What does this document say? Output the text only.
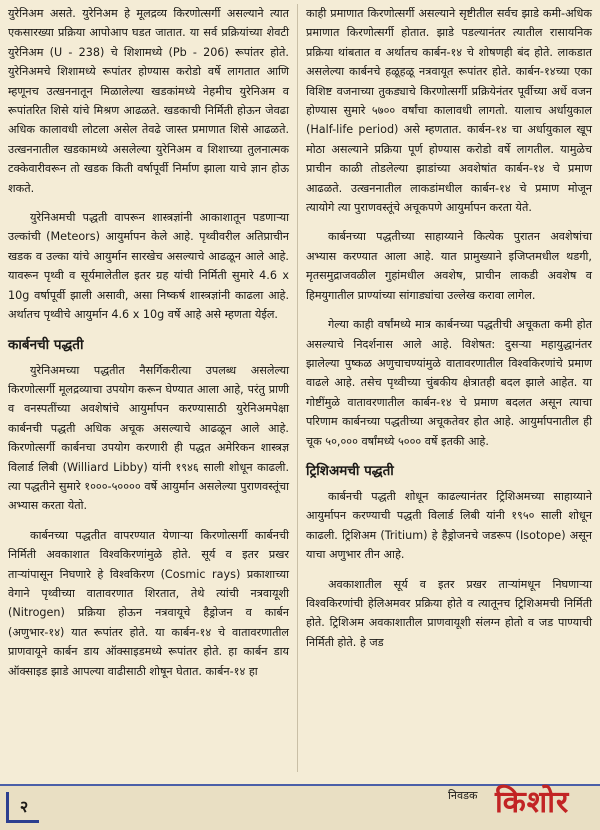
युरेनिअम असते. युरेनिअम हे मूलद्रव्य किरणोत्सर्गी असल्याने त्यात एकसारख्या प्रक्रिया आपोआप घडत जातात. या सर्व प्रक्रियांच्या शेवटी युरेनिअम (U - 238) चे शिशामध्ये (Pb - 206) रूपांतर होते. युरेनिअमचे शिशामध्ये रूपांतर होण्यास करोडो वर्षे लागतात आणि म्हणूनच उत्खननातून मिळालेल्या खडकांमध्ये नेहमीच युरेनिअम व रूपांतरित शिसे यांचे मिश्रण आढळते. खडकाची निर्मिती होऊन जेवढा अधिक कालावधी लोटला असेल तेवढे जास्त प्रमाणात शिसे आढळते. उत्खननातील खडकामध्ये असलेल्या युरेनिअम व शिशाच्या तुलनात्मक टक्केवारीवरून तो खडक किती वर्षापूर्वी निर्माण झाला याचे ज्ञान होऊ शकते.

युरेनिअमची पद्धती वापरून शास्त्रज्ञांनी आकाशातून पडणाऱ्या उल्कांची (Meteors) आयुर्मापन केले आहे. पृथ्वीवरील अतिप्राचीन खडक व उल्का यांचे आयुर्मान सारखेच असल्याचे आढळून आले आहे. यावरून पृथ्वी व सूर्यमालेतील इतर ग्रह यांची निर्मिती सुमारे 4.6 x 10g वर्षापूर्वी झाली असावी, असा निष्कर्ष शास्त्रज्ञांनी काढला आहे. अर्थातच पृथ्वीचे आयुर्मान 4.6 x 10g वर्षे आहे असे म्हणता येईल.

कार्बनची पद्धती

युरेनिअमच्या पद्धतीत नैसर्गिकरीत्या उपलब्ध असलेल्या किरणोत्सर्गी मूलद्रव्याचा उपयोग करून घेण्यात आला आहे, परंतु प्राणी व वनस्पतींच्या अवशेषांचे आयुर्मापन करण्यासाठी युरेनिअमपेक्षा कार्बनची पद्धती अधिक अचूक असल्याचे आढळून आले आहे. किरणोत्सर्गी कार्बनचा उपयोग करणारी ही पद्धत अमेरिकन शास्त्रज्ञ विलार्ड लिबी (Williard Libby) यांनी १९४६ साली शोधून काढली. त्या पद्धतीने सुमारे १०००-५०००० वर्षे आयुर्मान असलेल्या पुराणवस्तूंचा अभ्यास करता येतो.

कार्बनच्या पद्धतीत वापरण्यात येणाऱ्या किरणोत्सर्गी कार्बनची निर्मिती अवकाशात विश्वकिरणांमुळे होते. सूर्य व इतर प्रखर ताऱ्यांपासून निघणारे हे विश्वकिरण (Cosmic rays) प्रकाशाच्या वेगाने पृथ्वीच्या वातावरणात शिरतात, तेथे त्यांची नत्रवायूशी (Nitrogen) प्रक्रिया होऊन नत्रवायूचे हैड्रोजन व कार्बन (अणुभार-१४) यात रूपांतर होते. या कार्बन-१४ चे वातावरणातील प्राणवायूने कार्बन डाय ऑक्साइडमध्ये रूपांतर होते. हा कार्बन डाय ऑक्साइड झाडे आपल्या वाढीसाठी शोषून घेतात. कार्बन-१४ हा

काही प्रमाणात किरणोत्सर्गी असल्याने सृष्टीतील सर्वच झाडे कमी-अधिक प्रमाणात किरणोत्सर्गी होतात. झाडे पडल्यानंतर त्यातील रासायनिक प्रक्रिया थांबतात व अर्थातच कार्बन-१४ चे शोषणही बंद होते. लाकडात असलेल्या कार्बनचे हळूहळू नत्रवायूत रूपांतर होते. कार्बन-१४च्या एका विशिष्ट वजनाच्या तुकड्याचे किरणोत्सर्गी प्रक्रियेनंतर पूर्वीच्या अर्धे वजन होण्यास सुमारे ५७०० वर्षांचा कालावधी लागतो. यालाच अर्धायुकाल (Half-life period) असे म्हणतात. कार्बन-१४ चा अर्धायुकाल खूप मोठा असल्याने प्रक्रिया पूर्ण होण्यास करोडो वर्षे लागतील. यामुळेच प्राचीन काळी तोडलेल्या झाडांच्या अवशेषांत कार्बन-१४ चे प्रमाण आढळते. उत्खननातील लाकडांमधील कार्बन-१४ चे प्रमाण मोजून त्यायोगे त्या पुराणवस्तूंचे अचूकपणे आयुर्मापन करता येते.

कार्बनच्या पद्धतीच्या साहाय्याने कित्येक पुरातन अवशेषांचा अभ्यास करण्यात आला आहे. यात प्रामुख्याने इजिप्तमधील थडगी, मृतसमुद्राजवळील गुहांमधील अवशेष, प्राचीन लाकडी अवशेष व हिमयुगातील प्राण्यांच्या सांगाड्यांचा उल्लेख करावा लागेल.

गेल्या काही वर्षांमध्ये मात्र कार्बनच्या पद्धतीची अचूकता कमी होत असल्याचे निदर्शनास आले आहे. विशेषत: दुसऱ्या महायुद्धानंतर झालेल्या पुष्कळ अणुचाचण्यांमुळे वातावरणातील विश्वकिरणांचे प्रमाण वाढले आहे. तसेच पृथ्वीच्या चुंबकीय क्षेत्रातही बदल झाले आहेत. या गोष्टींमुळे वातावरणातील कार्बन-१४ चे प्रमाण बदलत असून त्याचा परिणाम कार्बनच्या पद्धतीच्या अचूकतेवर होत आहे. आयुर्मापनातील ही चूक ५०,००० वर्षांमध्ये ५००० वर्षे इतकी आहे.

ट्रिशिअमची पद्धती

कार्बनची पद्धती शोधून काढल्यानंतर ट्रिशिअमच्या साहाय्याने आयुर्मापन करण्याची पद्धती विलार्ड लिबी यांनी १९५० साली शोधून काढली. ट्रिशिअम (Tritium) हे हैड्रोजनचे जडरूप (Isotope) असून याचा अणुभार तीन आहे.

अवकाशातील सूर्य व इतर प्रखर ताऱ्यांमधून निघणाऱ्या विश्वकिरणांची हेलिअमवर प्रक्रिया होते व त्यातूनच ट्रिशिअमची निर्मिती होते. ट्रिशिअम अवकाशातील प्राणवायूशी संलग्न होतो व जड पाण्याची निर्मिती होते. हे जड

२
निवडक किशोर
